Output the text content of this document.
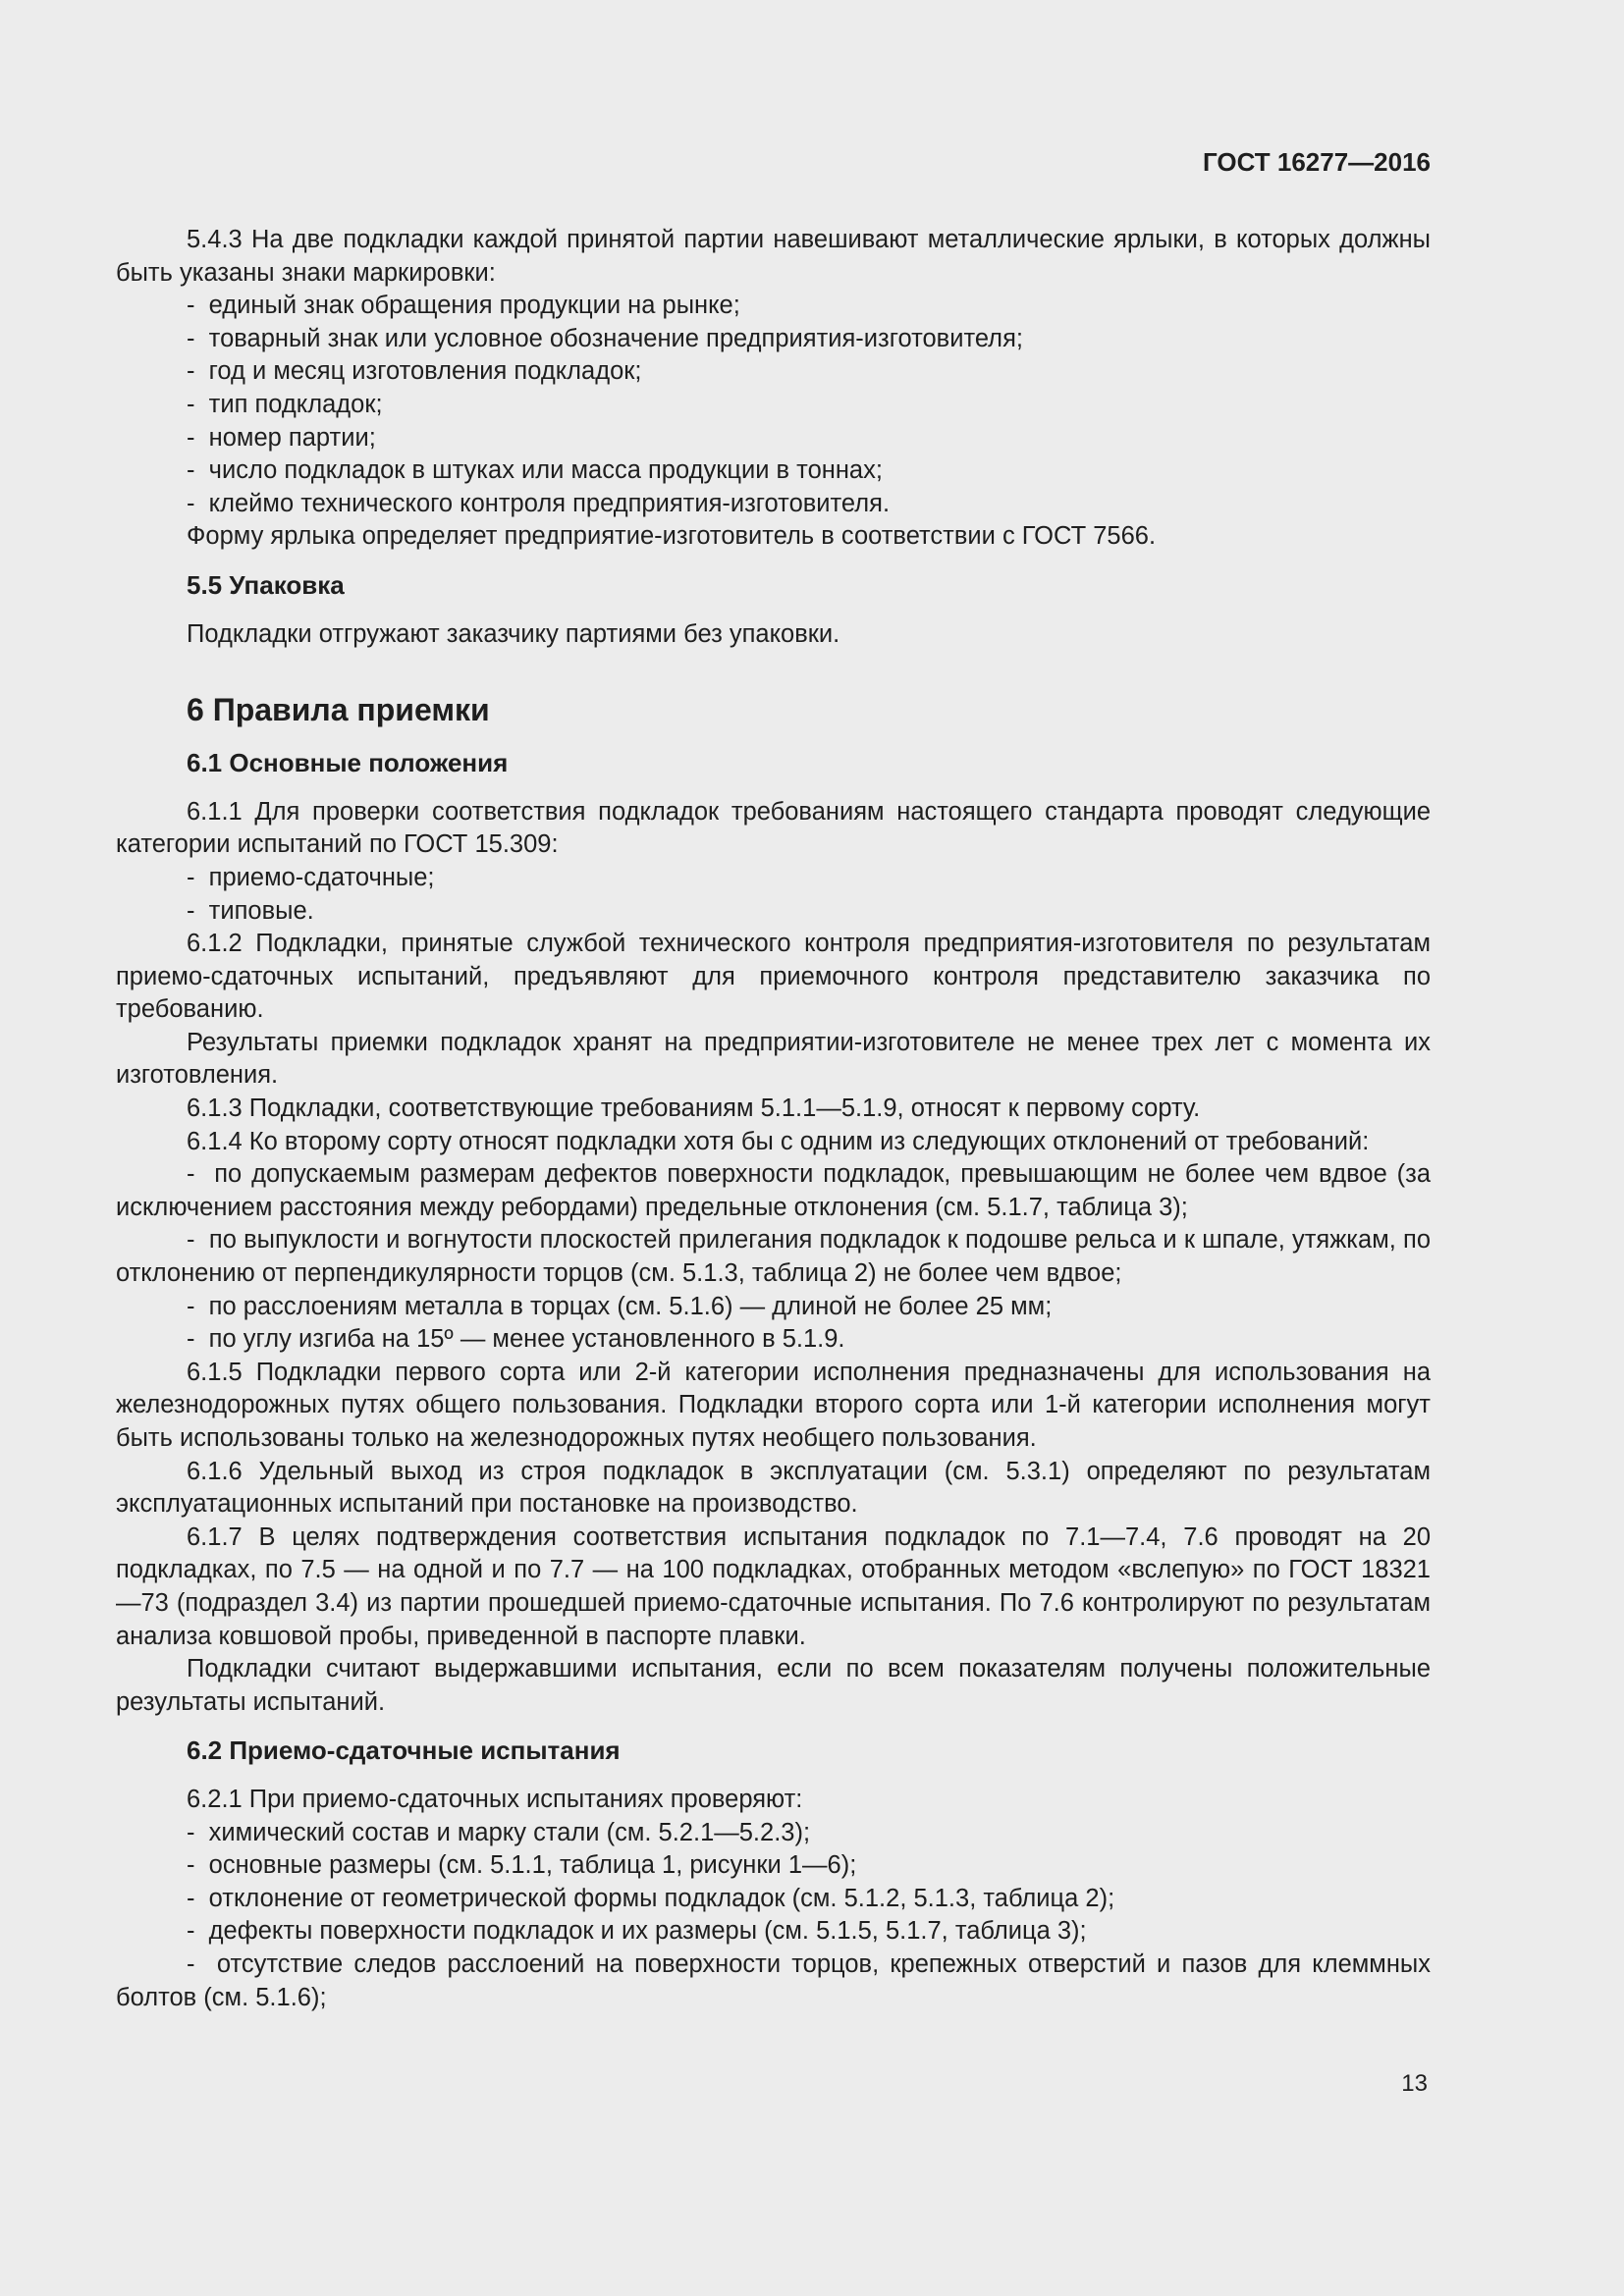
ГОСТ 16277—2016

5.4.3 На две подкладки каждой принятой партии навешивают металлические ярлыки, в которых должны быть указаны знаки маркировки:

-  единый знак обращения продукции на рынке;

-  товарный знак или условное обозначение предприятия-изготовителя;

-  год и месяц изготовления подкладок;

-  тип подкладок;

-  номер партии;

-  число подкладок в штуках или масса продукции в тоннах;

-  клеймо технического контроля предприятия-изготовителя.

Форму ярлыка определяет предприятие-изготовитель в соответствии с ГОСТ 7566.

5.5 Упаковка

Подкладки отгружают заказчику партиями без упаковки.

6 Правила приемки

6.1 Основные положения

6.1.1 Для проверки соответствия подкладок требованиям настоящего стандарта проводят следующие категории испытаний по ГОСТ 15.309:

-  приемо-сдаточные;

-  типовые.

6.1.2 Подкладки, принятые службой технического контроля предприятия-изготовителя по результатам приемо-сдаточных испытаний, предъявляют для приемочного контроля представителю заказчика по требованию.

Результаты приемки подкладок хранят на предприятии-изготовителе не менее трех лет с момента их изготовления.

6.1.3 Подкладки, соответствующие требованиям 5.1.1—5.1.9, относят к первому сорту.

6.1.4 Ко второму сорту относят подкладки хотя бы с одним из следующих отклонений от требований:

-  по допускаемым размерам дефектов поверхности подкладок, превышающим не более чем вдвое (за исключением расстояния между ребордами) предельные отклонения (см. 5.1.7, таблица 3);

-  по выпуклости и вогнутости плоскостей прилегания подкладок к подошве рельса и к шпале, утяжкам, по отклонению от перпендикулярности торцов (см. 5.1.3, таблица 2) не более чем вдвое;

-  по расслоениям металла в торцах (см. 5.1.6) — длиной не более 25 мм;

-  по углу изгиба на 15º — менее установленного в 5.1.9.

6.1.5 Подкладки первого сорта или 2-й категории исполнения предназначены для использования на железнодорожных путях общего пользования. Подкладки второго сорта или 1-й категории исполнения могут быть использованы только на железнодорожных путях необщего пользования.

6.1.6 Удельный выход из строя подкладок в эксплуатации (см. 5.3.1) определяют по результатам эксплуатационных испытаний при постановке на производство.

6.1.7 В целях подтверждения соответствия испытания подкладок по 7.1—7.4, 7.6 проводят на 20 подкладках, по 7.5 — на одной и по 7.7 — на 100 подкладках, отобранных методом «вслепую» по ГОСТ 18321—73 (подраздел 3.4) из партии прошедшей приемо-сдаточные испытания. По 7.6 контролируют по результатам анализа ковшовой пробы, приведенной в паспорте плавки.

Подкладки считают выдержавшими испытания, если по всем показателям получены положительные результаты испытаний.

6.2 Приемо-сдаточные испытания

6.2.1 При приемо-сдаточных испытаниях проверяют:

-  химический состав и марку стали (см. 5.2.1—5.2.3);

-  основные размеры (см. 5.1.1, таблица 1, рисунки 1—6);

-  отклонение от геометрической формы подкладок (см. 5.1.2, 5.1.3, таблица 2);

-  дефекты поверхности подкладок и их размеры (см. 5.1.5, 5.1.7, таблица 3);

-  отсутствие следов расслоений на поверхности торцов, крепежных отверстий и пазов для клеммных болтов (см. 5.1.6);

13
